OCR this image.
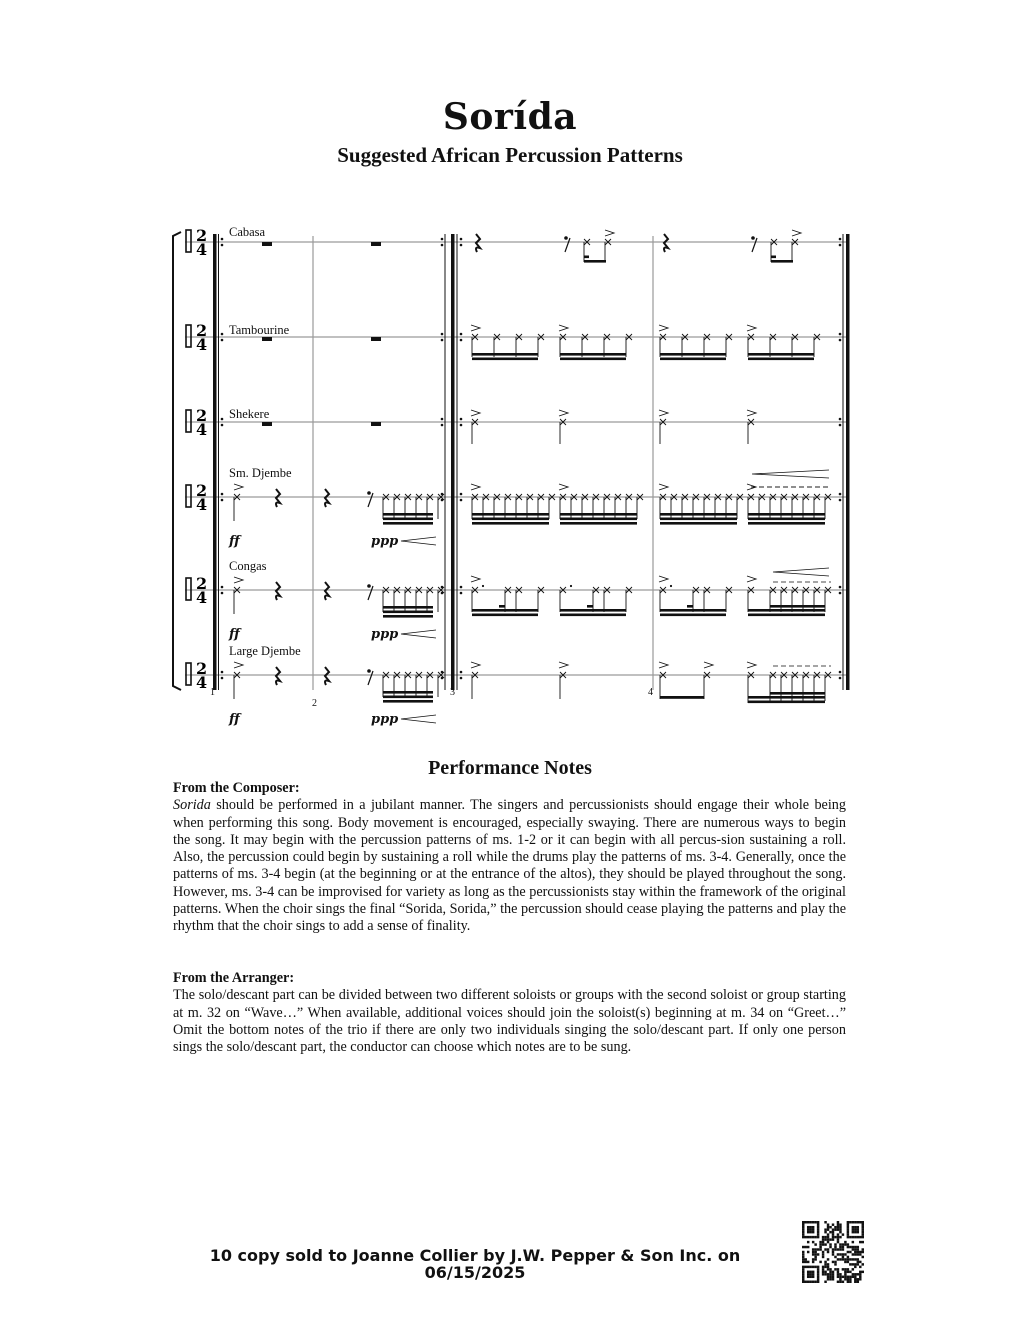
Sorída
Suggested African Percussion Patterns
2
4
Cabasa
2
4
Tambourine
2
4
Shekere
2
4
Sm. Djembe
2
4
Congas
2
4
Large Djembe
1
2
3	4
ff	ppp
ff	ppp
ff	ppp
Performance Notes
From the Composer:

Sorida should be performed in a jubilant manner. The singers and percussionists should engage their whole being when performing this song. Body movement is encouraged, especially swaying. There are numerous ways to begin the song. It may begin with the percussion patterns of ms. 1-2 or it can begin with all percus-sion sustaining a roll. Also, the percussion could begin by sustaining a roll while the drums play the patterns of ms. 3-4. Generally, once the patterns of ms. 3-4 begin (at the beginning or at the entrance of the altos), they should be played throughout the song. However, ms. 3-4 can be improvised for variety as long as the percussionists stay within the framework of the original patterns. When the choir sings the final “Sorida, Sorida,” the percussion should cease playing the patterns and play the rhythm that the choir sings to add a sense of finality.

From the Arranger:

The solo/descant part can be divided between two different soloists or groups with the second soloist or group starting at m. 32 on “Wave…” When available, additional voices should join the soloist(s) beginning at m. 34 on “Greet…” Omit the bottom notes of the trio if there are only two individuals singing the solo/descant part. If only one person sings the solo/descant part, the conductor can choose which notes are to be sung.

10 copy sold to Joanne Collier by J.W. Pepper & Son Inc. on
06/15/2025
